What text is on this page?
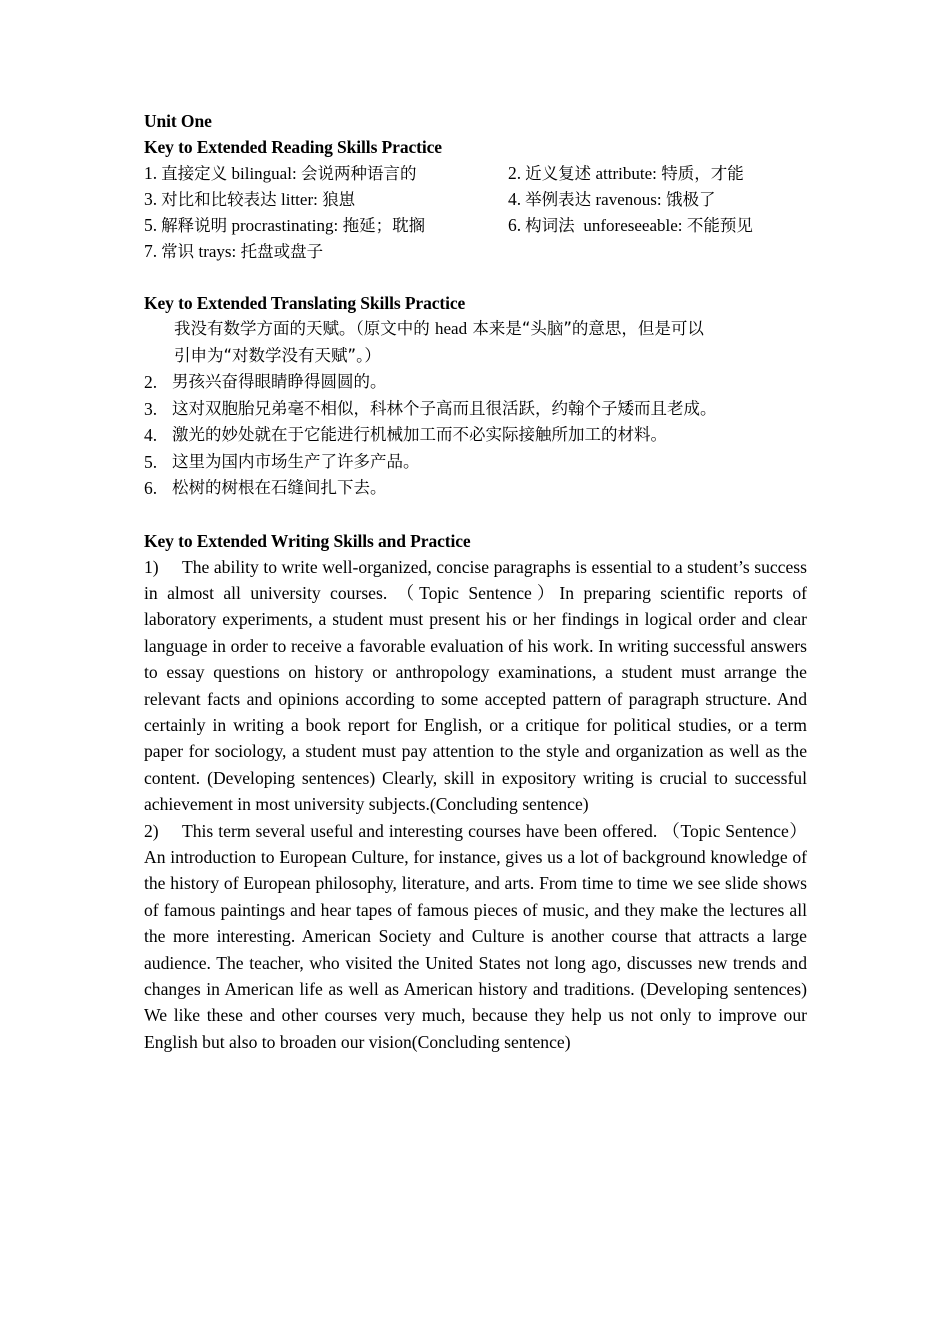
Unit One
Key to Extended Reading Skills Practice
1. 直接定义 bilingual: 会说两种语言的	2. 近义复述 attribute: 特质，才能
3. 对比和比较表达 litter: 狼崽	4. 举例表达 ravenous: 饿极了
5. 解释说明 procrastinating: 拖延；耽搁	6. 构词法 unforeseeable: 不能预见
7. 常识 trays: 托盘或盘子
Key to Extended Translating Skills Practice
我没有数学方面的天赋。（原文中的 head 本来是“头脑”的意思，但是可以
引申为“对数学没有天赋”。）
2. 男孩兴奋得眼睛睁得圆圆的。
3. 这对双胞胎兄弟毫不相似，科林个子高而且很活跃，约翰个子矮而且老成。
4. 激光的妙处就在于它能进行机械加工而不必实际接触所加工的材料。
5. 这里为国内市场生产了许多产品。
6. 松树的树根在石缝间扎下去。
Key to Extended Writing Skills and Practice

1) The ability to write well-organized, concise paragraphs is essential to a student’s success in almost all university courses. （Topic Sentence）In preparing scientific reports of laboratory experiments, a student must present his or her findings in logical order and clear language in order to receive a favorable evaluation of his work. In writing successful answers to essay questions on history or anthropology examinations, a student must arrange the relevant facts and opinions according to some accepted pattern of paragraph structure. And certainly in writing a book report for English, or a critique for political studies, or a term paper for sociology, a student must pay attention to the style and organization as well as the content. (Developing sentences) Clearly, skill in expository writing is crucial to successful achievement in most university subjects.(Concluding sentence)

2) This term several useful and interesting courses have been offered. （Topic Sentence） An introduction to European Culture, for instance, gives us a lot of background knowledge of the history of European philosophy, literature, and arts. From time to time we see slide shows of famous paintings and hear tapes of famous pieces of music, and they make the lectures all the more interesting. American Society and Culture is another course that attracts a large audience. The teacher, who visited the United States not long ago, discusses new trends and changes in American life as well as American history and traditions. (Developing sentences) We like these and other courses very much, because they help us not only to improve our English but also to broaden our vision(Concluding sentence)
